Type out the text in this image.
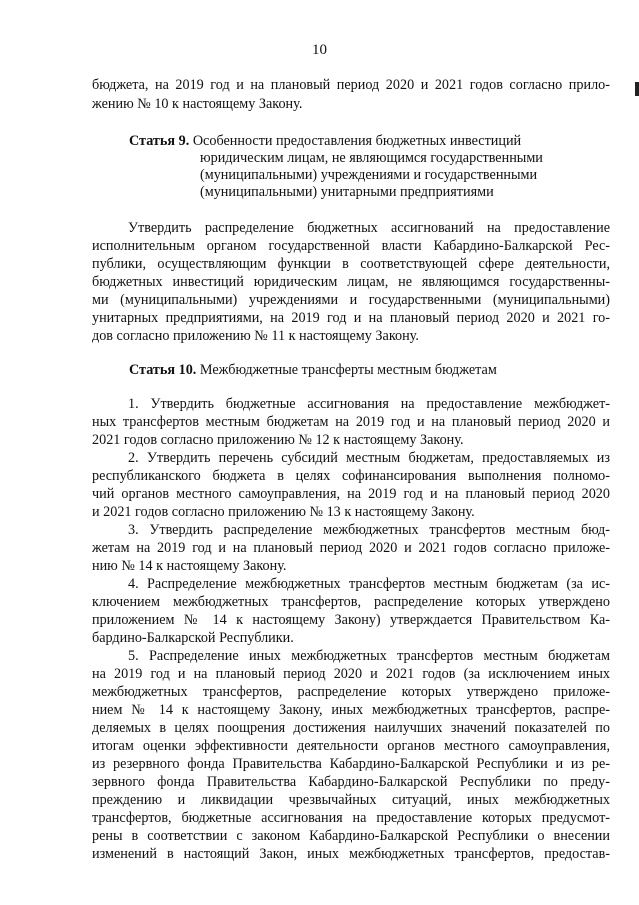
10
бюджета, на 2019 год и на плановый период 2020 и 2021 годов согласно прило-
жению № 10 к настоящему Закону.
Статья 9. Особенности предоставления бюджетных инвестиций
юридическим лицам, не являющимся государственными
(муниципальными) учреждениями и государственными
(муниципальными) унитарными предприятиями
Утвердить распределение бюджетных ассигнований на предоставление
исполнительным органом государственной власти Кабардино-Балкарской Рес-
публики, осуществляющим функции в соответствующей сфере деятельности,
бюджетных инвестиций юридическим лицам, не являющимся государственны-
ми (муниципальными) учреждениями и государственными (муниципальными)
унитарных предприятиями, на 2019 год и на плановый период 2020 и 2021 го-
дов согласно приложению № 11 к настоящему Закону.
Статья 10. Межбюджетные трансферты местным бюджетам
1. Утвердить бюджетные ассигнования на предоставление межбюджет-
ных трансфертов местным бюджетам на 2019 год и на плановый период 2020 и
2021 годов согласно приложению № 12 к настоящему Закону.
2. Утвердить перечень субсидий местным бюджетам, предоставляемых из
республиканского бюджета в целях софинансирования выполнения полномо-
чий органов местного самоуправления, на 2019 год и на плановый период 2020
и 2021 годов согласно приложению № 13 к настоящему Закону.
3. Утвердить распределение межбюджетных трансфертов местным бюд-
жетам на 2019 год и на плановый период 2020 и 2021 годов согласно приложе-
нию № 14 к настоящему Закону.
4. Распределение межбюджетных трансфертов местным бюджетам (за ис-
ключением межбюджетных трансфертов, распределение которых утверждено
приложением № 14 к настоящему Закону) утверждается Правительством Ка-
бардино-Балкарской Республики.
5. Распределение иных межбюджетных трансфертов местным бюджетам
на 2019 год и на плановый период 2020 и 2021 годов (за исключением иных
межбюджетных трансфертов, распределение которых утверждено приложе-
нием № 14 к настоящему Закону, иных межбюджетных трансфертов, распре-
деляемых в целях поощрения достижения наилучших значений показателей по
итогам оценки эффективности деятельности органов местного самоуправления,
из резервного фонда Правительства Кабардино-Балкарской Республики и из ре-
зервного фонда Правительства Кабардино-Балкарской Республики по преду-
преждению и ликвидации чрезвычайных ситуаций, иных межбюджетных
трансфертов, бюджетные ассигнования на предоставление которых предусмот-
рены в соответствии с законом Кабардино-Балкарской Республики о внесении
изменений в настоящий Закон, иных межбюджетных трансфертов, предостав-
